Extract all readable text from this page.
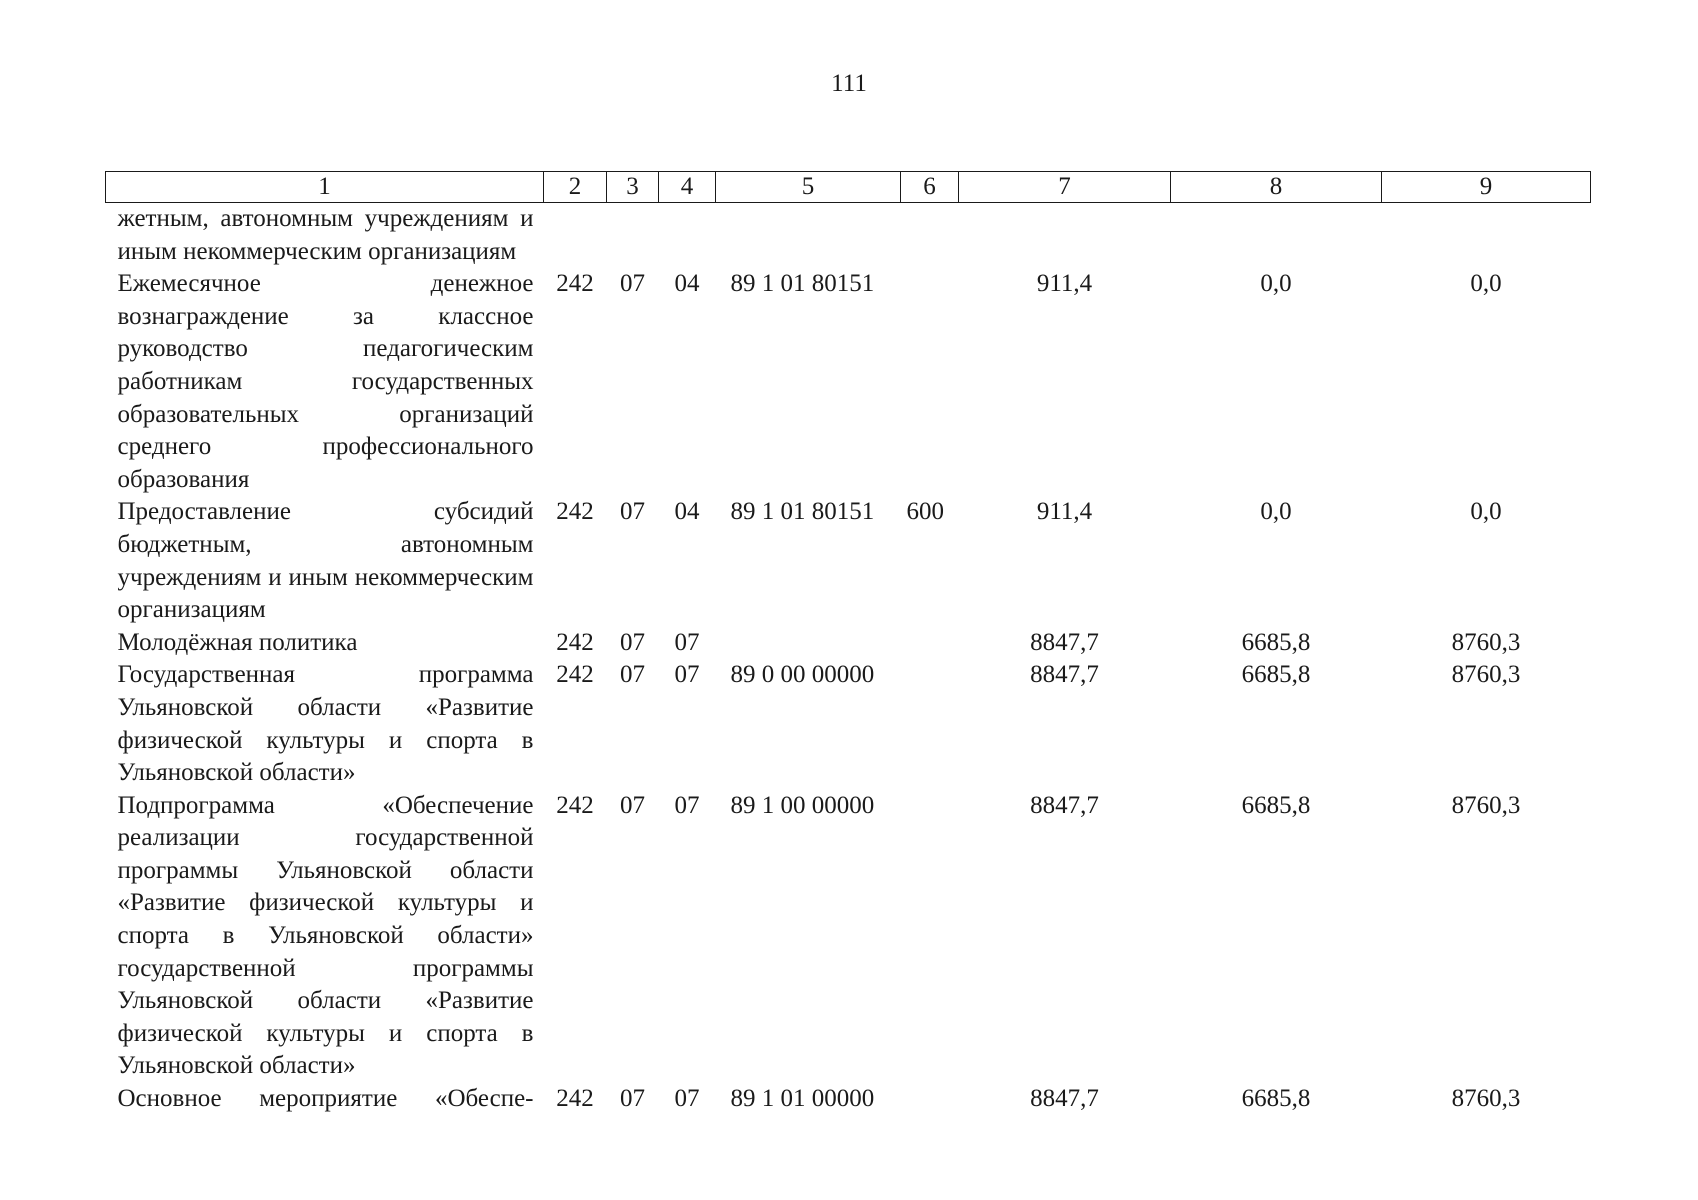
111
1	2	3	4	5	6	7	8	9
жетным, автономным учреждениям и иным некоммерческим организациям								
Ежемесячное денежное вознаграждение за классное руководство педагогическим работникам государственных образовательных организаций среднего профессионального образования	242	07	04	89 1 01 80151		911,4	0,0	0,0
Предоставление субсидий бюджетным, автономным учреждениям и иным некоммерческим организациям	242	07	04	89 1 01 80151	600	911,4	0,0	0,0
Молодёжная политика	242	07	07			8847,7	6685,8	8760,3
Государственная программа Ульяновской области «Развитие физической культуры и спорта в Ульяновской области»	242	07	07	89 0 00 00000		8847,7	6685,8	8760,3
Подпрограмма «Обеспечение реализации государственной программы Ульяновской области «Развитие физической культуры и спорта в Ульяновской области» государственной программы Ульяновской области «Развитие физической культуры и спорта в Ульяновской области»	242	07	07	89 1 00 00000		8847,7	6685,8	8760,3
Основное мероприятие «Обеспе-	242	07	07	89 1 01 00000		8847,7	6685,8	8760,3
